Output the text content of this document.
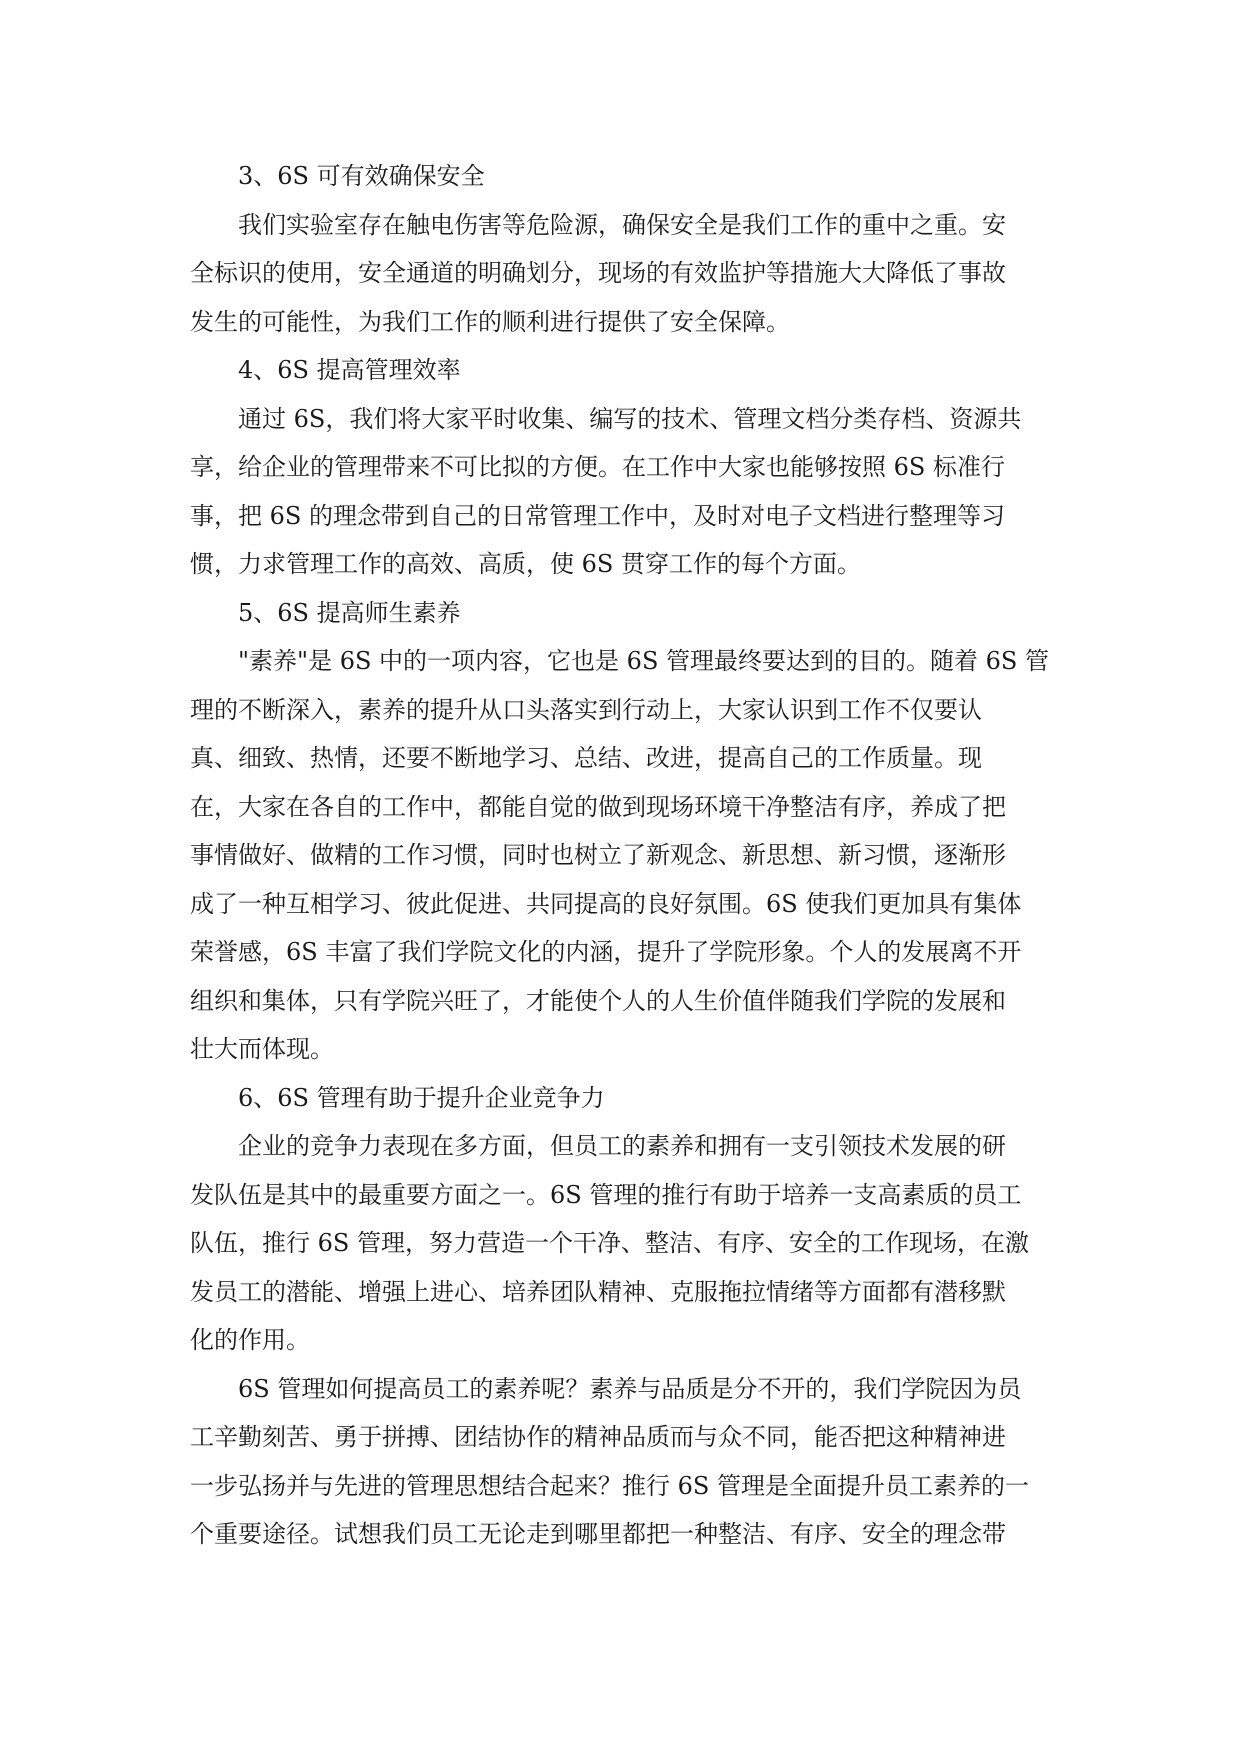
3、6S 可有效确保安全
我们实验室存在触电伤害等危险源，确保安全是我们工作的重中之重。安
全标识的使用，安全通道的明确划分，现场的有效监护等措施大大降低了事故
发生的可能性，为我们工作的顺利进行提供了安全保障。
4、6S 提高管理效率
通过 6S，我们将大家平时收集、编写的技术、管理文档分类存档、资源共
享，给企业的管理带来不可比拟的方便。在工作中大家也能够按照 6S 标准行
事，把 6S 的理念带到自己的日常管理工作中，及时对电子文档进行整理等习
惯，力求管理工作的高效、高质，使 6S 贯穿工作的每个方面。
5、6S 提高师生素养
"素养"是 6S 中的一项内容，它也是 6S 管理最终要达到的目的。随着 6S 管
理的不断深入，素养的提升从口头落实到行动上，大家认识到工作不仅要认
真、细致、热情，还要不断地学习、总结、改进，提高自己的工作质量。现
在，大家在各自的工作中，都能自觉的做到现场环境干净整洁有序，养成了把
事情做好、做精的工作习惯，同时也树立了新观念、新思想、新习惯，逐渐形
成了一种互相学习、彼此促进、共同提高的良好氛围。6S 使我们更加具有集体
荣誉感，6S 丰富了我们学院文化的内涵，提升了学院形象。个人的发展离不开
组织和集体，只有学院兴旺了，才能使个人的人生价值伴随我们学院的发展和
壮大而体现。
6、6S 管理有助于提升企业竞争力
企业的竞争力表现在多方面，但员工的素养和拥有一支引领技术发展的研
发队伍是其中的最重要方面之一。6S 管理的推行有助于培养一支高素质的员工
队伍，推行 6S 管理，努力营造一个干净、整洁、有序、安全的工作现场，在激
发员工的潜能、增强上进心、培养团队精神、克服拖拉情绪等方面都有潜移默
化的作用。
6S 管理如何提高员工的素养呢？素养与品质是分不开的，我们学院因为员
工辛勤刻苦、勇于拼搏、团结协作的精神品质而与众不同，能否把这种精神进
一步弘扬并与先进的管理思想结合起来？推行 6S 管理是全面提升员工素养的一
个重要途径。试想我们员工无论走到哪里都把一种整洁、有序、安全的理念带
